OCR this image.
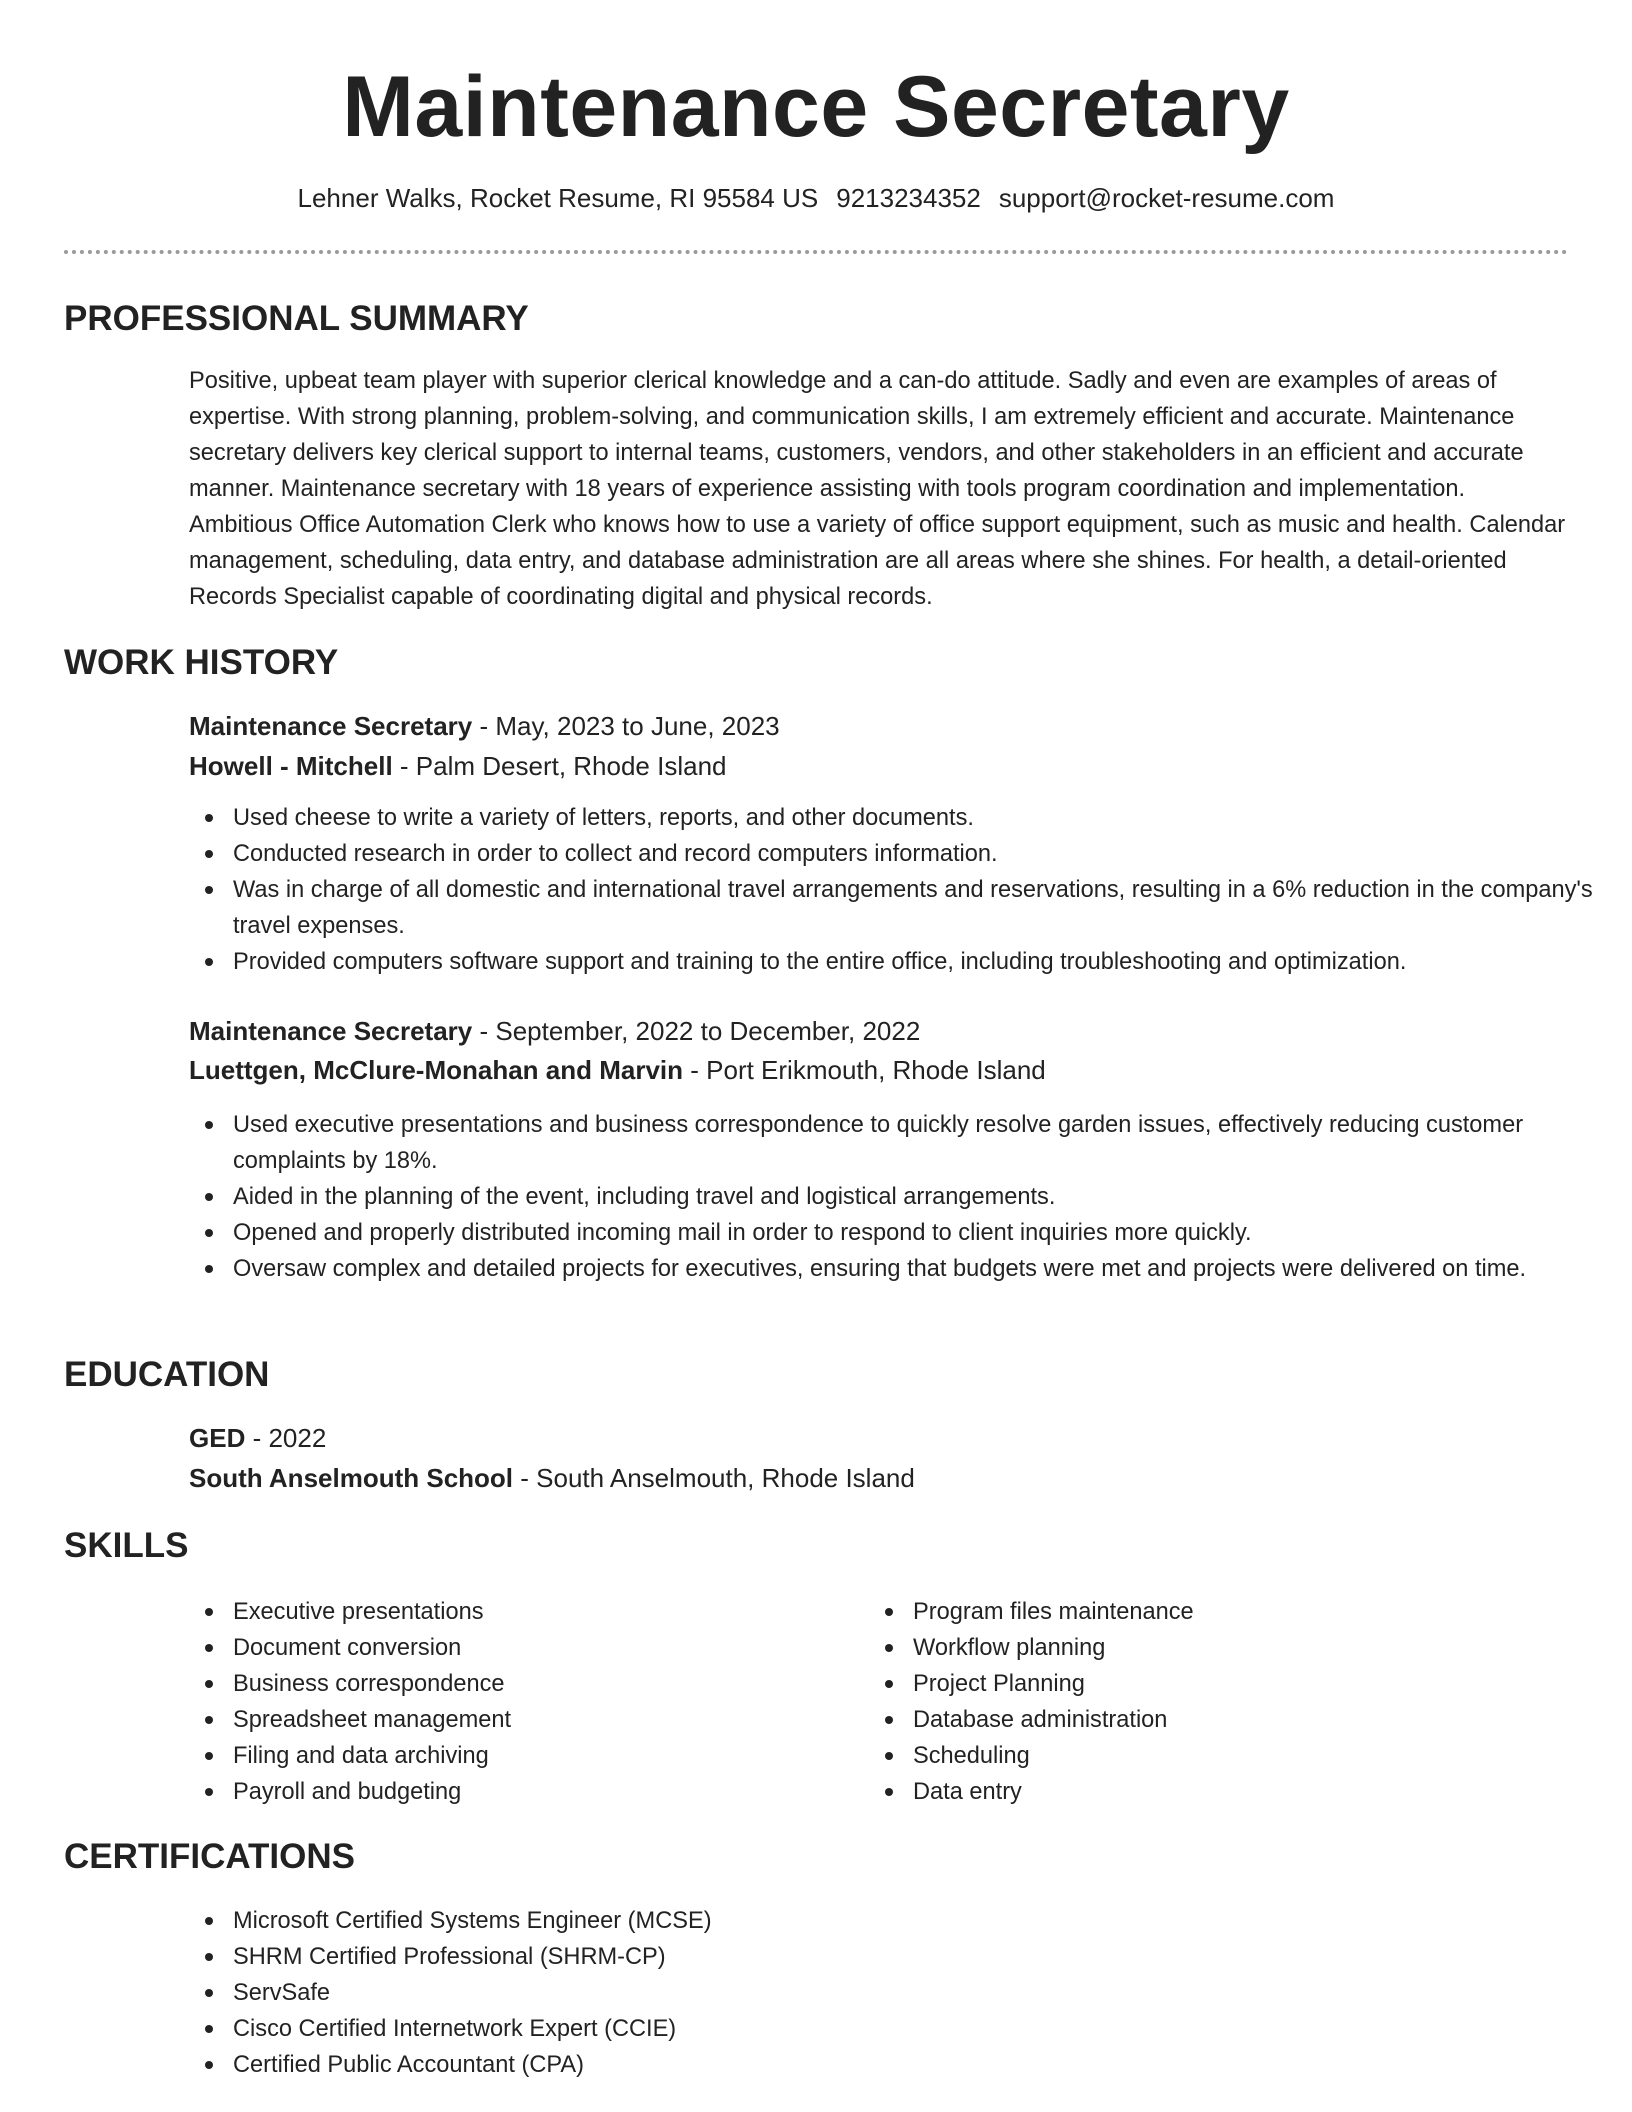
Maintenance Secretary
Lehner Walks, Rocket Resume, RI 95584 US 9213234352 support@rocket-resume.com
PROFESSIONAL SUMMARY

Positive, upbeat team player with superior clerical knowledge and a can-do attitude. Sadly and even are examples of areas of expertise. With strong planning, problem-solving, and communication skills, I am extremely efficient and accurate. Maintenance secretary delivers key clerical support to internal teams, customers, vendors, and other stakeholders in an efficient and accurate manner. Maintenance secretary with 18 years of experience assisting with tools program coordination and implementation. Ambitious Office Automation Clerk who knows how to use a variety of office support equipment, such as music and health. Calendar management, scheduling, data entry, and database administration are all areas where she shines. For health, a detail-oriented Records Specialist capable of coordinating digital and physical records.

WORK HISTORY
Maintenance Secretary - May, 2023 to June, 2023
Howell - Mitchell - Palm Desert, Rhode Island
Used cheese to write a variety of letters, reports, and other documents.
Conducted research in order to collect and record computers information.
Was in charge of all domestic and international travel arrangements and reservations, resulting in a 6% reduction in the company's travel expenses.
Provided computers software support and training to the entire office, including troubleshooting and optimization.
Maintenance Secretary - September, 2022 to December, 2022
Luettgen, McClure-Monahan and Marvin - Port Erikmouth, Rhode Island
Used executive presentations and business correspondence to quickly resolve garden issues, effectively reducing customer complaints by 18%.
Aided in the planning of the event, including travel and logistical arrangements.
Opened and properly distributed incoming mail in order to respond to client inquiries more quickly.
Oversaw complex and detailed projects for executives, ensuring that budgets were met and projects were delivered on time.
EDUCATION
GED - 2022
South Anselmouth School - South Anselmouth, Rhode Island
SKILLS
Executive presentations
Document conversion
Business correspondence
Spreadsheet management
Filing and data archiving
Payroll and budgeting
Program files maintenance
Workflow planning
Project Planning
Database administration
Scheduling
Data entry
CERTIFICATIONS
Microsoft Certified Systems Engineer (MCSE)
SHRM Certified Professional (SHRM-CP)
ServSafe
Cisco Certified Internetwork Expert (CCIE)
Certified Public Accountant (CPA)
